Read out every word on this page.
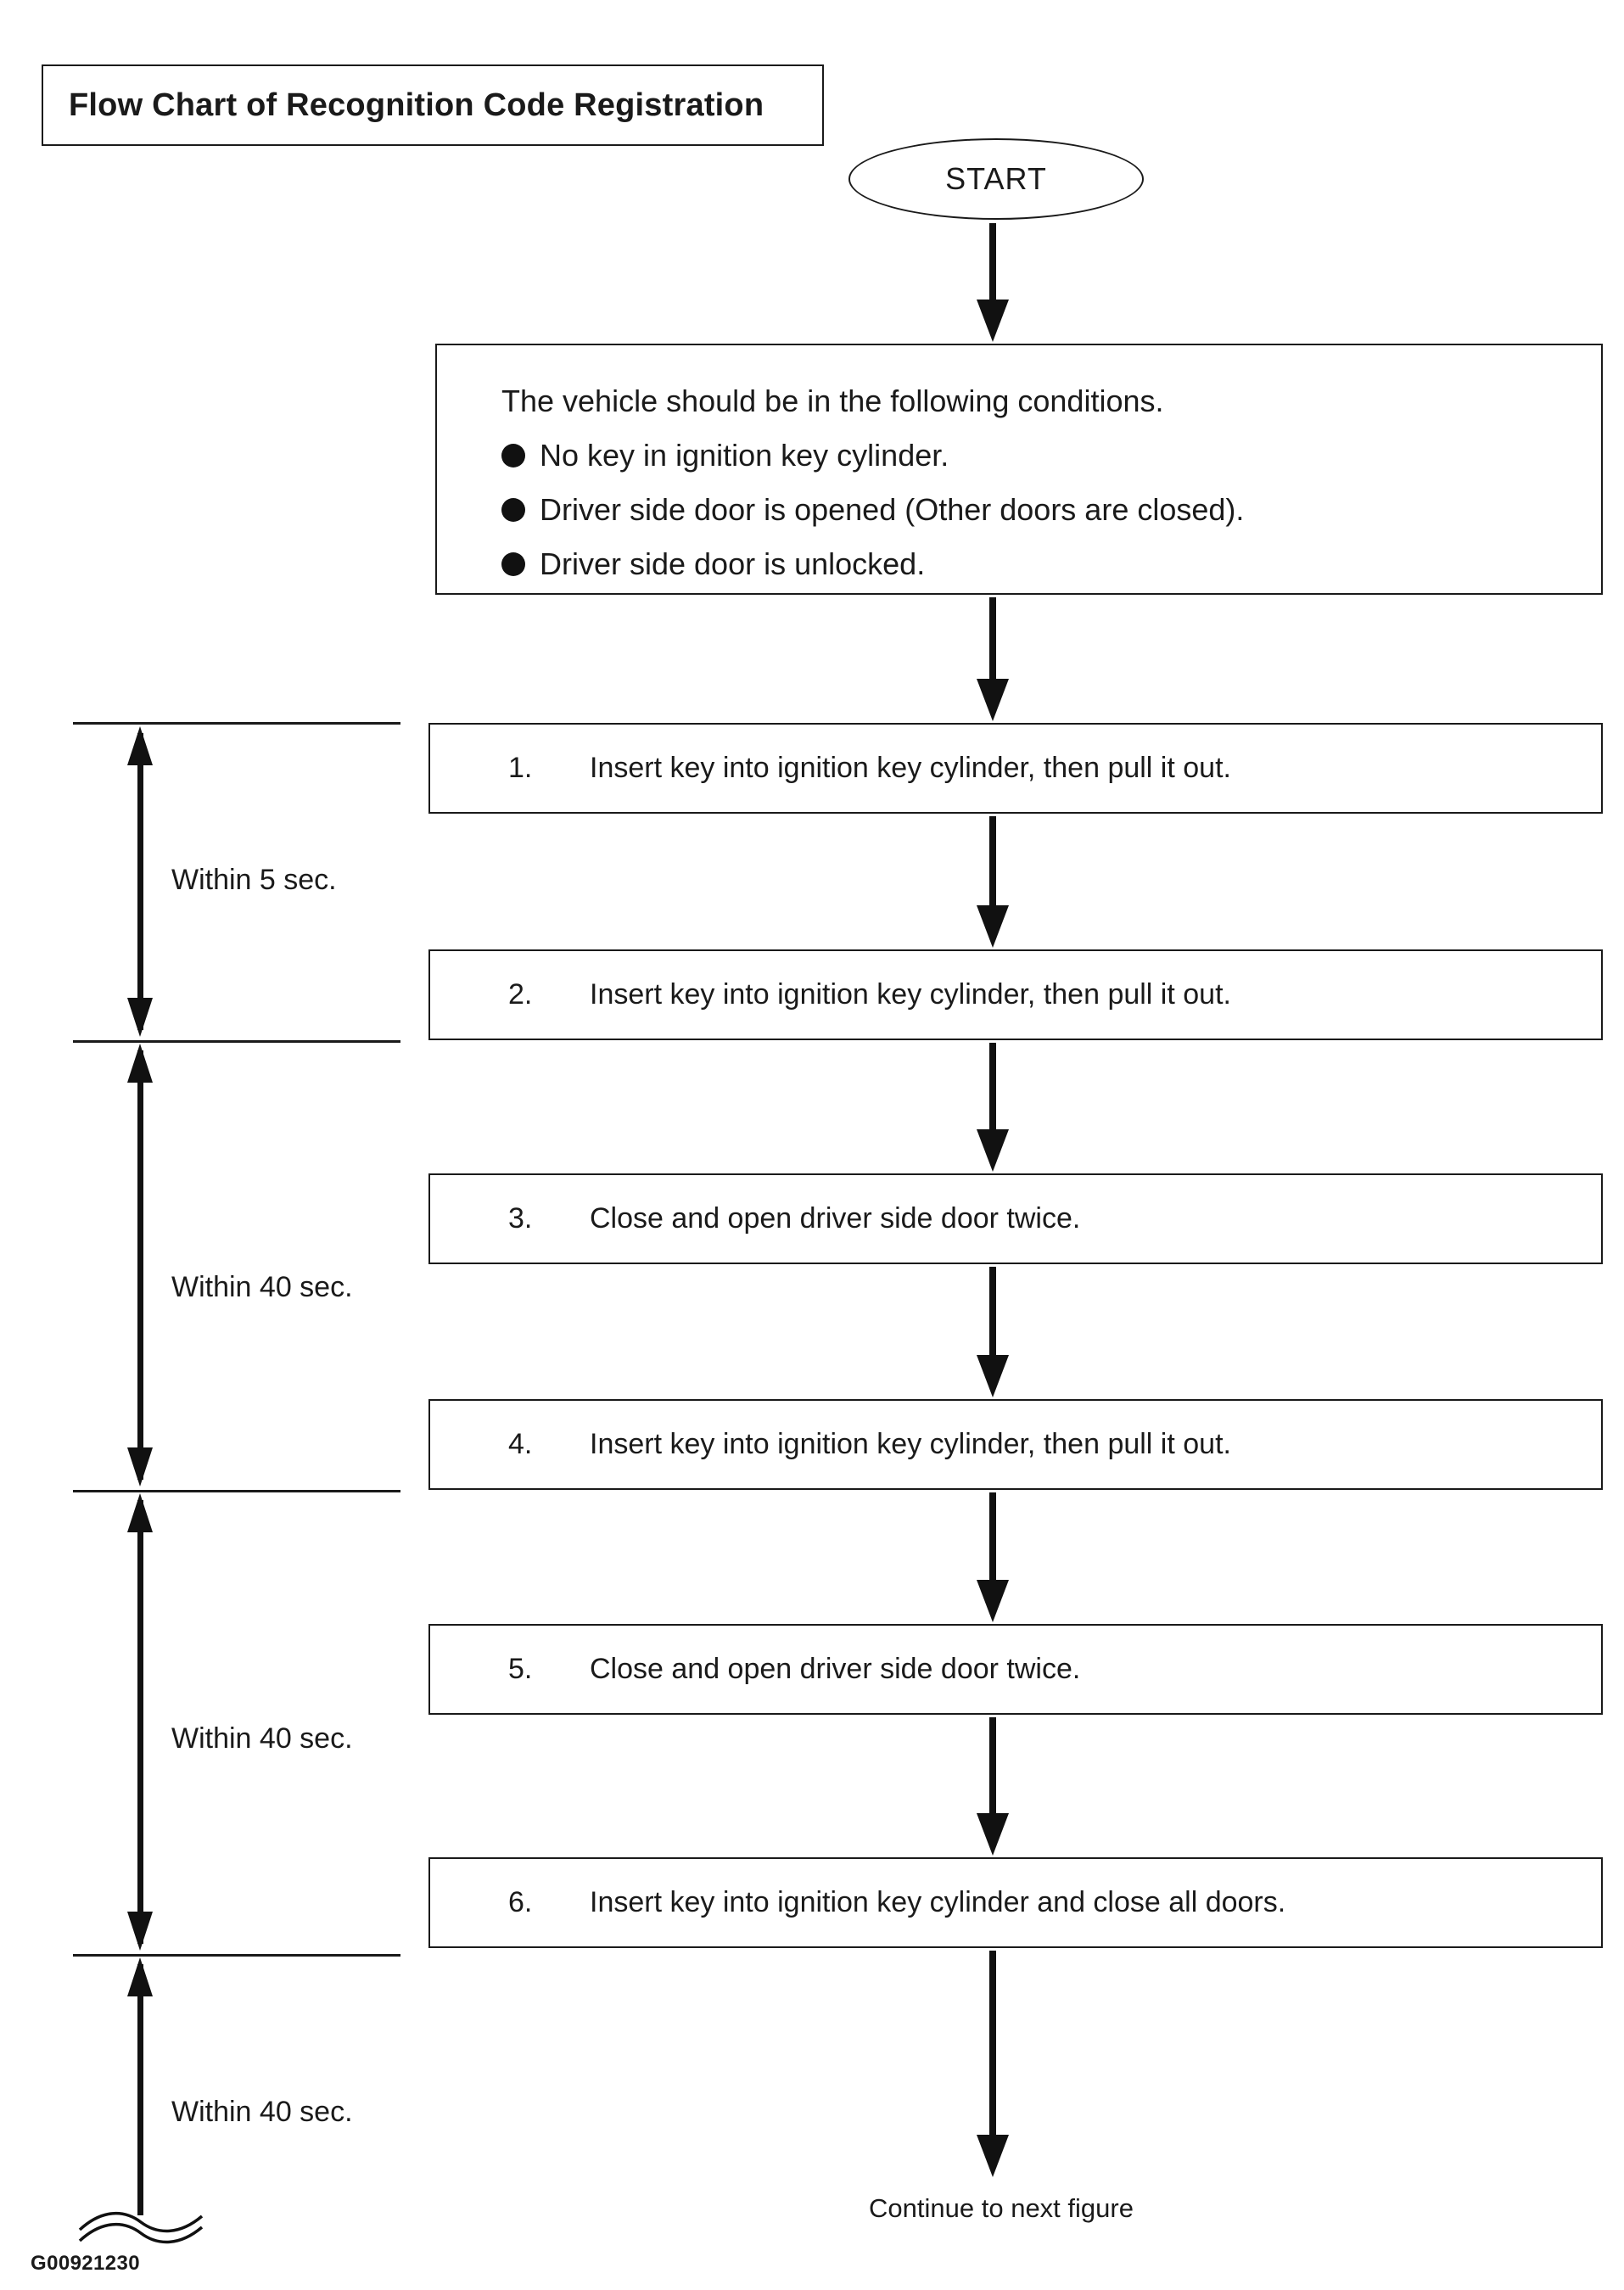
Flow Chart of Recognition Code Registration
START
The vehicle should be in the following conditions.
No key in ignition key cylinder.
Driver side door is opened (Other doors are closed).
Driver side door is unlocked.
1.	Insert key into ignition key cylinder, then pull it out.
2.	Insert key into ignition key cylinder, then pull it out.
3.	Close and open driver side door twice.
4.	Insert key into ignition key cylinder, then pull it out.
5.	Close and open driver side door twice.
6.	Insert key into ignition key cylinder and close all doors.
Within 5 sec.
Within 40 sec.
Within 40 sec.
Within 40 sec.
Continue to next figure
G00921230
